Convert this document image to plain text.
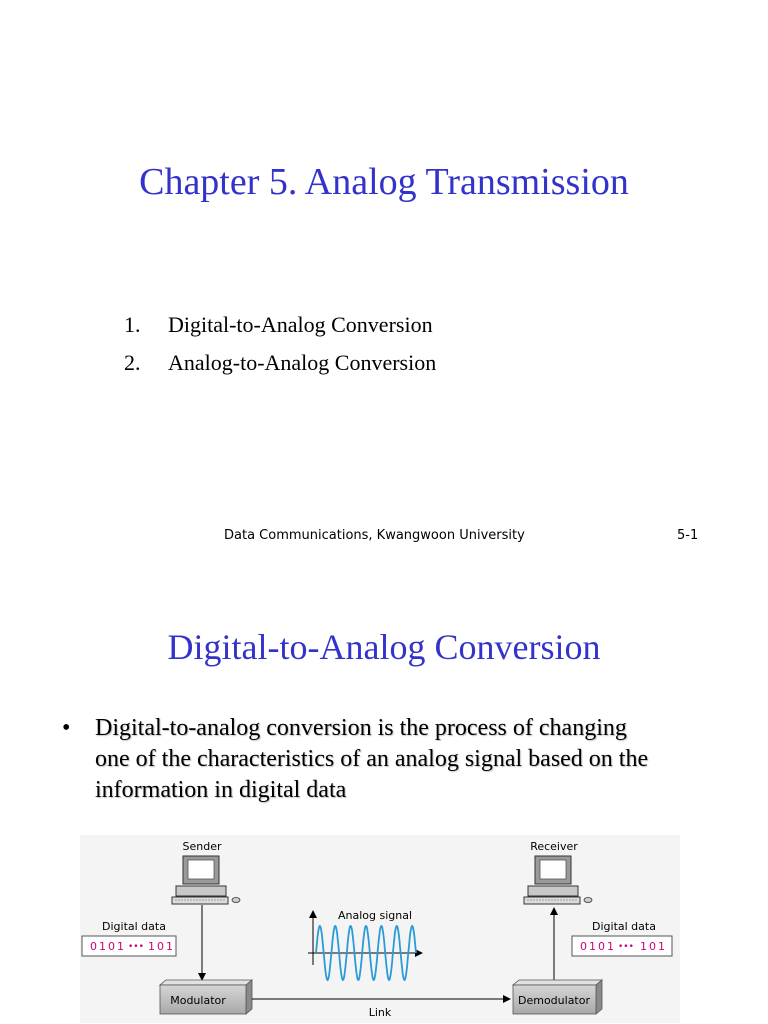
Chapter 5. Analog Transmission
1. Digital-to-Analog Conversion
2. Analog-to-Analog Conversion
Data Communications, Kwangwoon University	5-1
Digital-to-Analog Conversion
• Digital-to-analog conversion is the process of changing
one of the characteristics of an analog signal based on the
information in digital data
Sender	Receiver
Digital data
0101 ••• 101
Digital data
0101 ••• 101
Analog signal
Modulator	Demodulator
Link
